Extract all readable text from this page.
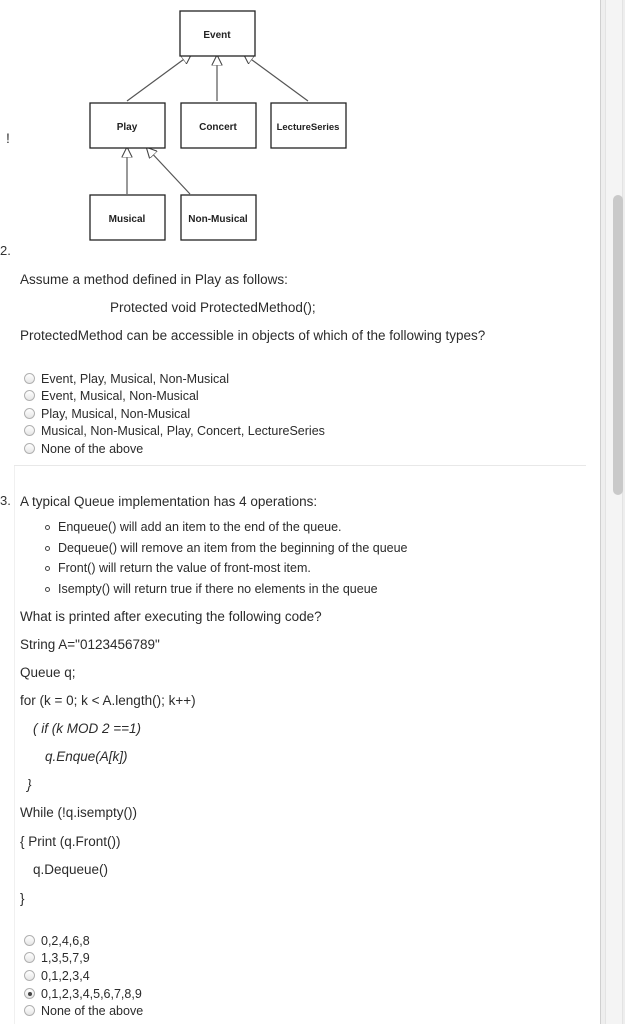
Event
Play	Concert	LectureSeries
Musical	Non-Musical
!
2.
Assume a method defined in Play as follows:
Protected void ProtectedMethod();
ProtectedMethod can be accessible in objects of which of the following types?
Event, Play, Musical, Non-Musical
Event, Musical, Non-Musical
Play, Musical, Non-Musical
Musical, Non-Musical, Play, Concert, LectureSeries
None of the above
3. A typical Queue implementation has 4 operations:
Enqueue() will add an item to the end of the queue.
Dequeue() will remove an item from the beginning of the queue
Front() will return the value of front-most item.
Isempty() will return true if there no elements in the queue
What is printed after executing the following code?
String A="0123456789"
Queue q;
for (k = 0; k < A.length(); k++)
( if (k MOD 2 ==1)
q.Enque(A[k])
}
While (!q.isempty())
{ Print (q.Front())
q.Dequeue()
}
0,2,4,6,8
1,3,5,7,9
0,1,2,3,4
0,1,2,3,4,5,6,7,8,9
None of the above
